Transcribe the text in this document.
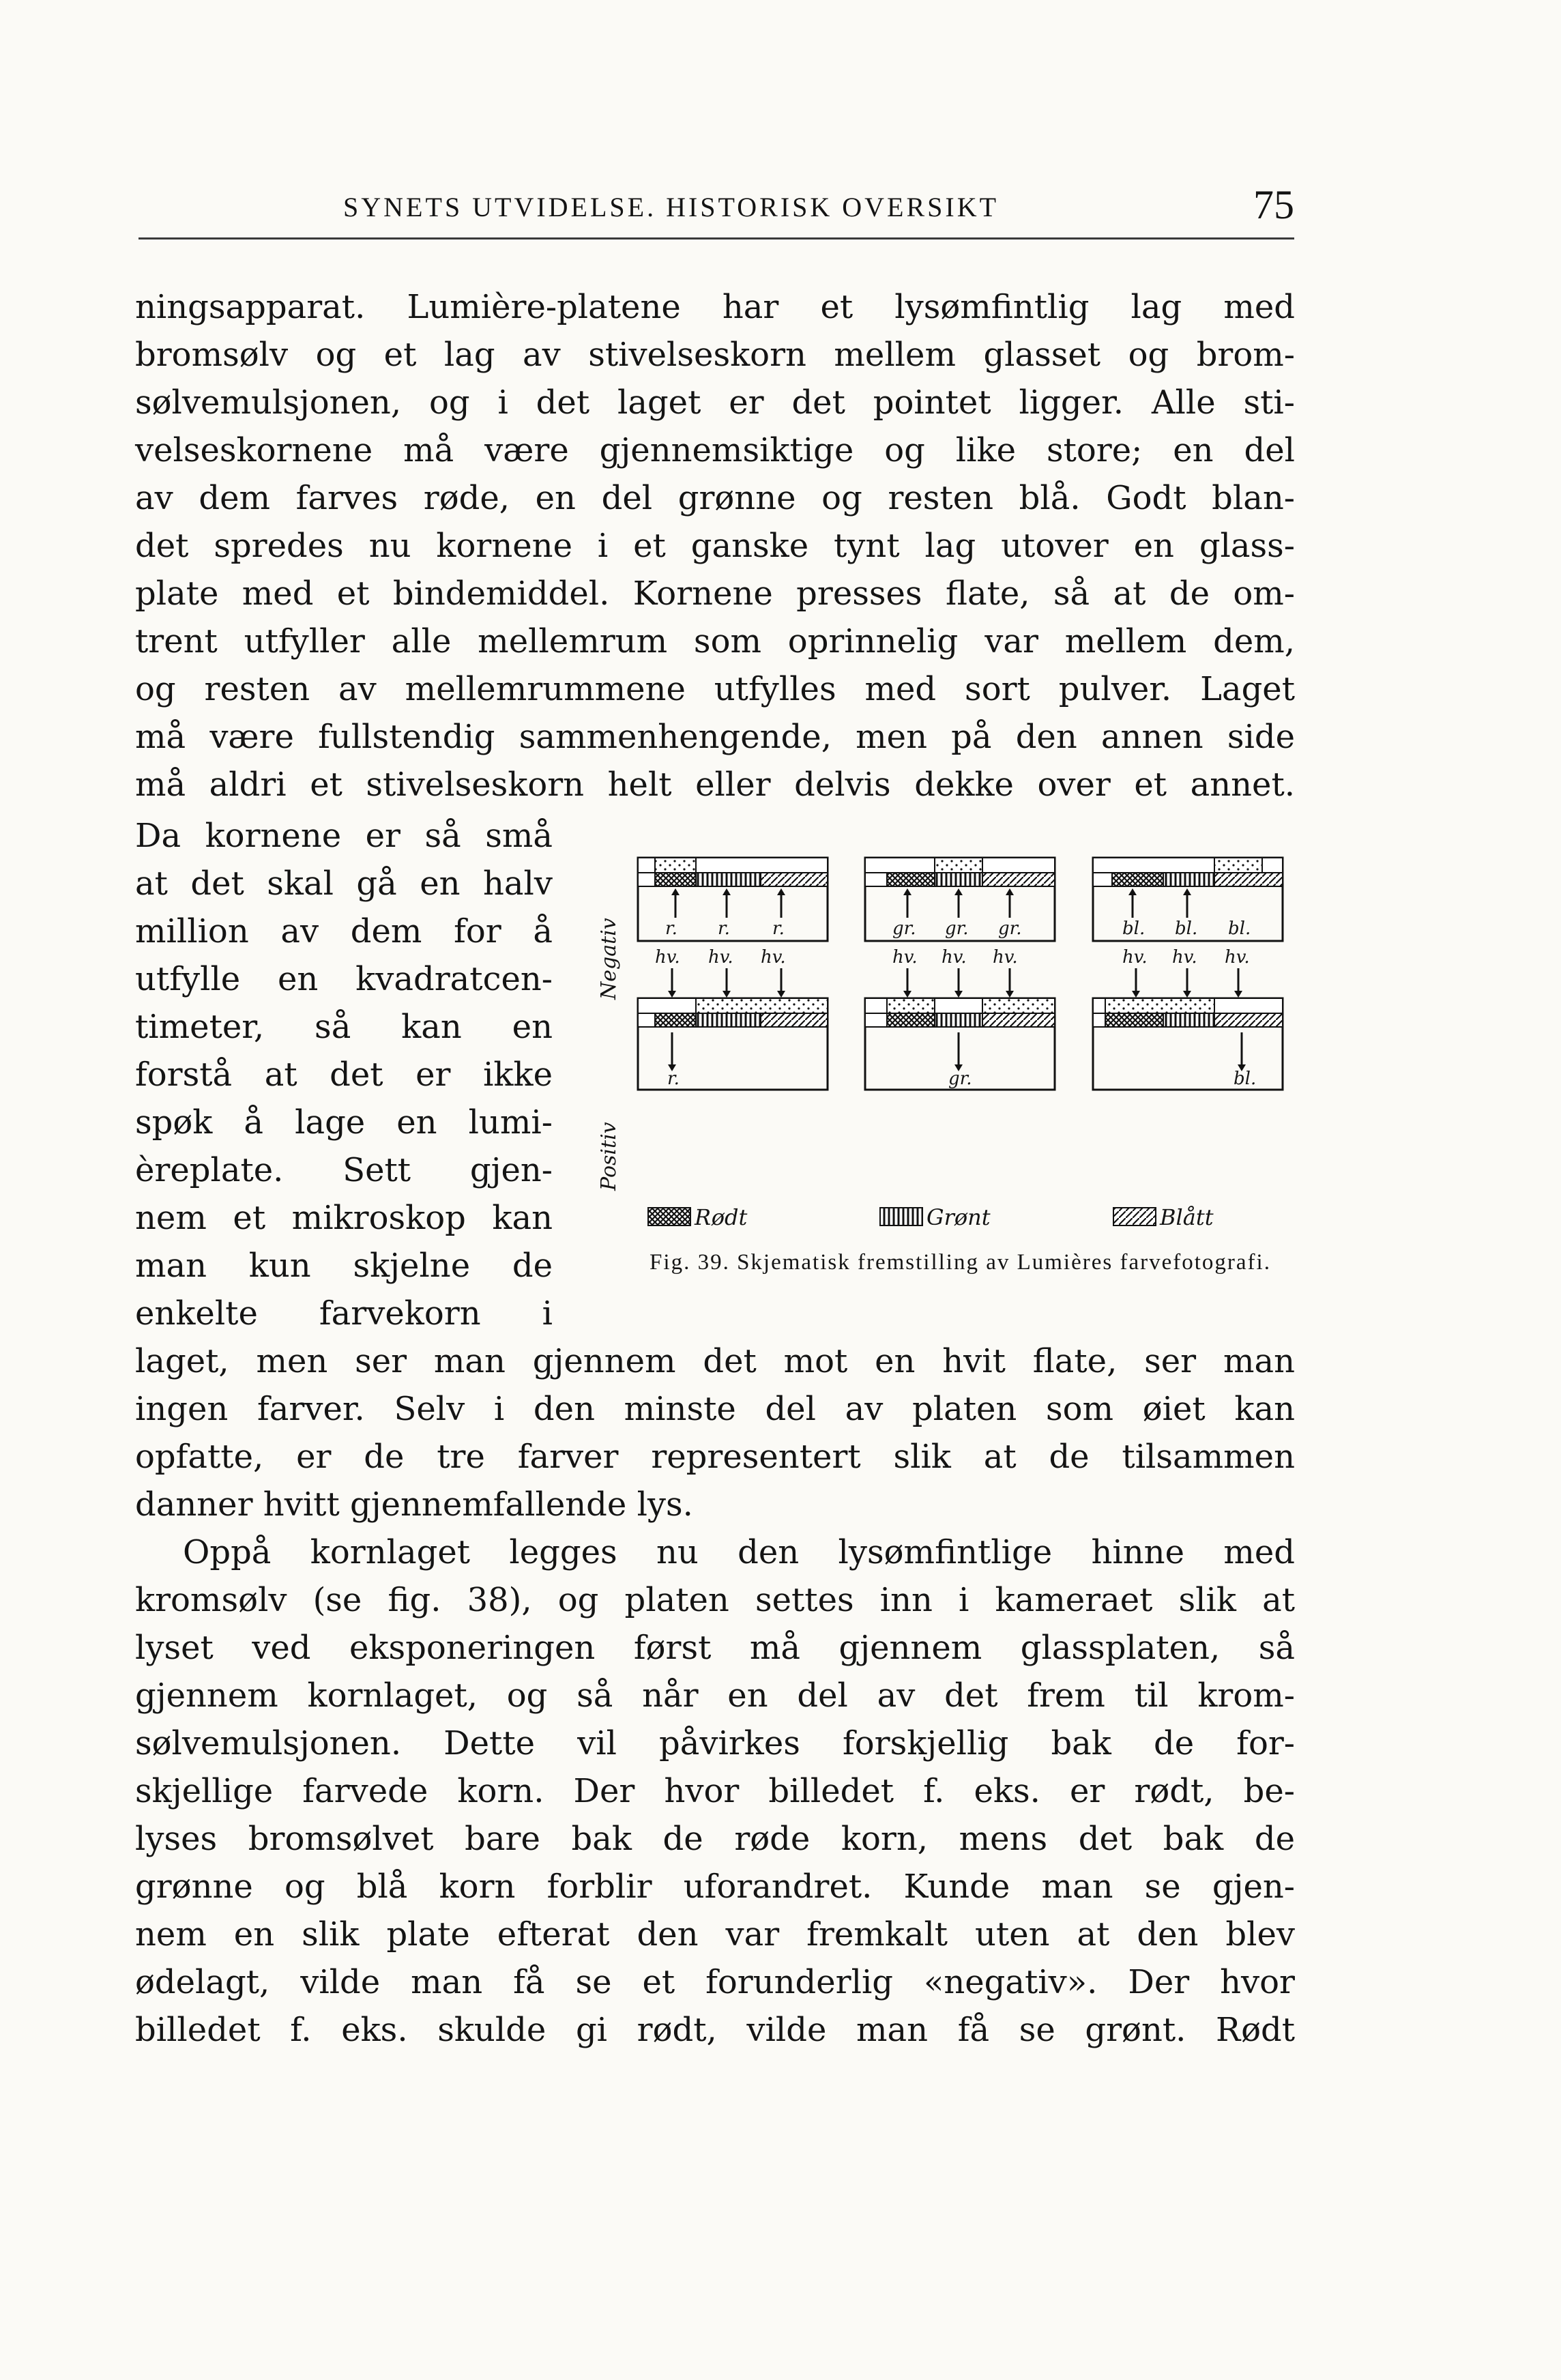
SYNETS UTVIDELSE. HISTORISK OVERSIKT	75
ningsapparat. Lumière-platene har et lysømfintlig lag med
bromsølv og et lag av stivelseskorn mellem glasset og brom-
sølvemulsjonen, og i det laget er det pointet ligger. Alle sti-
velseskornene må være gjennemsiktige og like store; en del
av dem farves røde, en del grønne og resten blå. Godt blan-
det spredes nu kornene i et ganske tynt lag utover en glass-
plate med et bindemiddel. Kornene presses flate, så at de om-
trent utfyller alle mellemrum som oprinnelig var mellem dem,
og resten av mellemrummene utfylles med sort pulver. Laget
må være fullstendig sammenhengende, men på den annen side
må aldri et stivelseskorn helt eller delvis dekke over et annet.
Da kornene er så små
at det skal gå en halv
million av dem for å
utfylle en kvadratcen-
timeter, så kan en
forstå at det er ikke
spøk å lage en lumi-
èreplate. Sett gjen-
nem et mikroskop kan
man kun skjelne de
enkelte farvekorn i
Negativ
Positiv
r. r. r.
hv. hv. hv.
r.
gr. gr. gr.
hv. hv. hv.
gr.
bl. bl. bl.
hv. hv. hv.
bl.
Rødt	Grønt	Blått
Fig. 39. Skjematisk fremstilling av Lumières farvefotografi.
laget, men ser man gjennem det mot en hvit flate, ser man
ingen farver. Selv i den minste del av platen som øiet kan
opfatte, er de tre farver representert slik at de tilsammen
danner hvitt gjennemfallende lys.
Oppå kornlaget legges nu den lysømfintlige hinne med
kromsølv (se fig. 38), og platen settes inn i kameraet slik at
lyset ved eksponeringen først må gjennem glassplaten, så
gjennem kornlaget, og så når en del av det frem til krom-
sølvemulsjonen. Dette vil påvirkes forskjellig bak de for-
skjellige farvede korn. Der hvor billedet f. eks. er rødt, be-
lyses bromsølvet bare bak de røde korn, mens det bak de
grønne og blå korn forblir uforandret. Kunde man se gjen-
nem en slik plate efterat den var fremkalt uten at den blev
ødelagt, vilde man få se et forunderlig «negativ». Der hvor
billedet f. eks. skulde gi rødt, vilde man få se grønt. Rødt
